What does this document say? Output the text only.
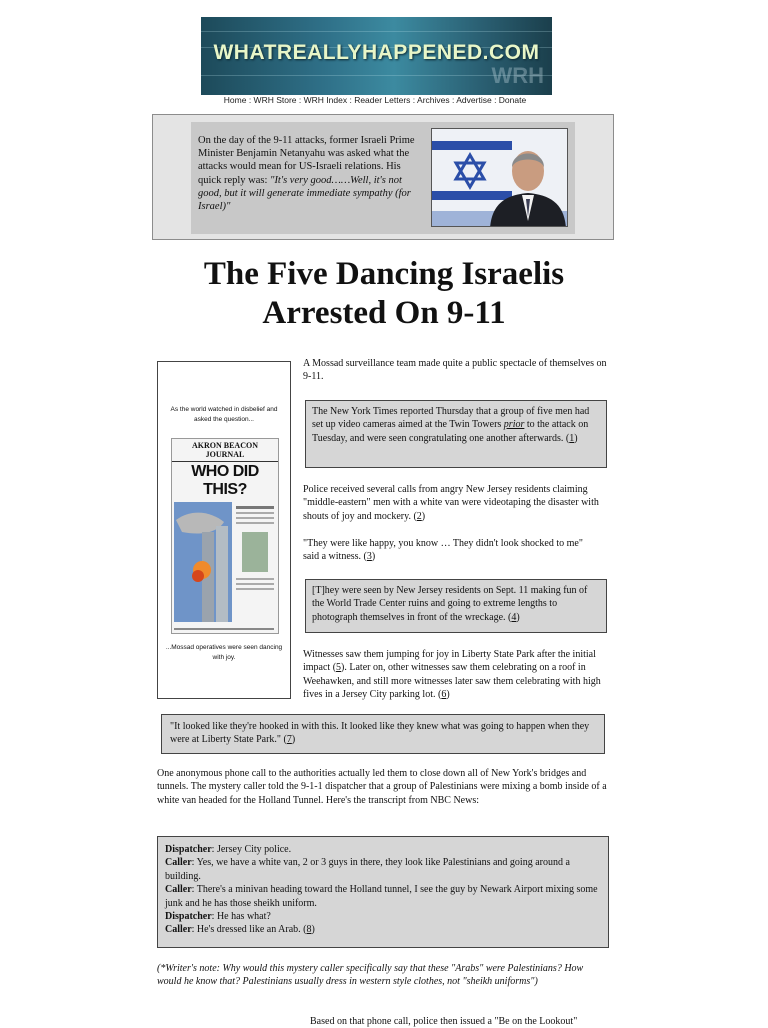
WHATREALLYHAPPENED.COM
WRH
Home : WRH Store : WRH Index : Reader Letters : Archives : Advertise : Donate
On the day of the 9-11 attacks, former Israeli Prime Minister Benjamin Netanyahu was asked what the attacks would mean for US-Israeli relations. His quick reply was: "It's very good……Well, it's not good, but it will generate immediate sympathy (for Israel)"
The Five Dancing Israelis
Arrested On 9-11
As the world watched in disbelief and asked the question...
AKRON BEACON JOURNAL
WHO DID THIS?
...Mossad operatives were seen dancing with joy.
A Mossad surveillance team made quite a public spectacle of themselves on 9-11.
The New York Times reported Thursday that a group of five men had set up video cameras aimed at the Twin Towers prior to the attack on Tuesday, and were seen congratulating one another afterwards. (1)
Police received several calls from angry New Jersey residents claiming "middle-eastern" men with a white van were videotaping the disaster with shouts of joy and mockery. (2)
"They were like happy, you know … They didn't look shocked to me" said a witness. (3)
[T]hey were seen by New Jersey residents on Sept. 11 making fun of the World Trade Center ruins and going to extreme lengths to photograph themselves in front of the wreckage. (4)
Witnesses saw them jumping for joy in Liberty State Park after the initial impact (5). Later on, other witnesses saw them celebrating on a roof in Weehawken, and still more witnesses later saw them celebrating with high fives in a Jersey City parking lot. (6)
"It looked like they're hooked in with this. It looked like they knew what was going to happen when they were at Liberty State Park." (7)
One anonymous phone call to the authorities actually led them to close down all of New York's bridges and tunnels. The mystery caller told the 9-1-1 dispatcher that a group of Palestinians were mixing a bomb inside of a white van headed for the Holland Tunnel. Here's the transcript from NBC News:
Dispatcher: Jersey City police.
Caller: Yes, we have a white van, 2 or 3 guys in there, they look like Palestinians and going around a building.
Caller: There's a minivan heading toward the Holland tunnel, I see the guy by Newark Airport mixing some junk and he has those sheikh uniform.
Dispatcher: He has what?
Caller: He's dressed like an Arab. (8)
(*Writer's note: Why would this mystery caller specifically say that these "Arabs" were Palestinians? How would he know that? Palestinians usually dress in western style clothes, not "sheikh uniforms")
Based on that phone call, police then issued a "Be on the Lookout"
